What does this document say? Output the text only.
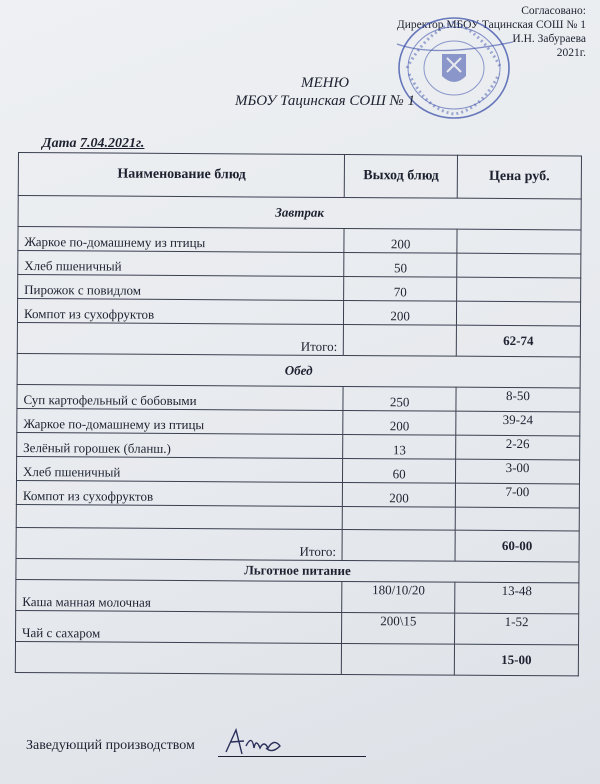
Согласовано:
Директор МБОУ Тацинская СОШ № 1
И.Н. Забураева
2021г.
МЕНЮ
МБОУ Тацинская СОШ № 1
Дата 7.04.2021г.
Наименование блюд	Выход блюд	Цена руб.
Завтрак		
Жаркое по-домашнему из птицы	200	
Хлеб пшеничный	50	
Пирожок с повидлом	70	
Компот из сухофруктов	200	
Итого:		62-74
Обед		
Суп картофельный с бобовыми	250	8-50
Жаркое по-домашнему из птицы	200	39-24
Зелёный горошек (бланш.)	13	2-26
Хлеб пшеничный	60	3-00
Компот из сухофруктов	200	7-00

Итого:		60-00
Льготное питание		
Каша манная молочная	180/10/20	13-48
Чай с сахаром	200\15	1-52
		15-00
Заведующий производством
